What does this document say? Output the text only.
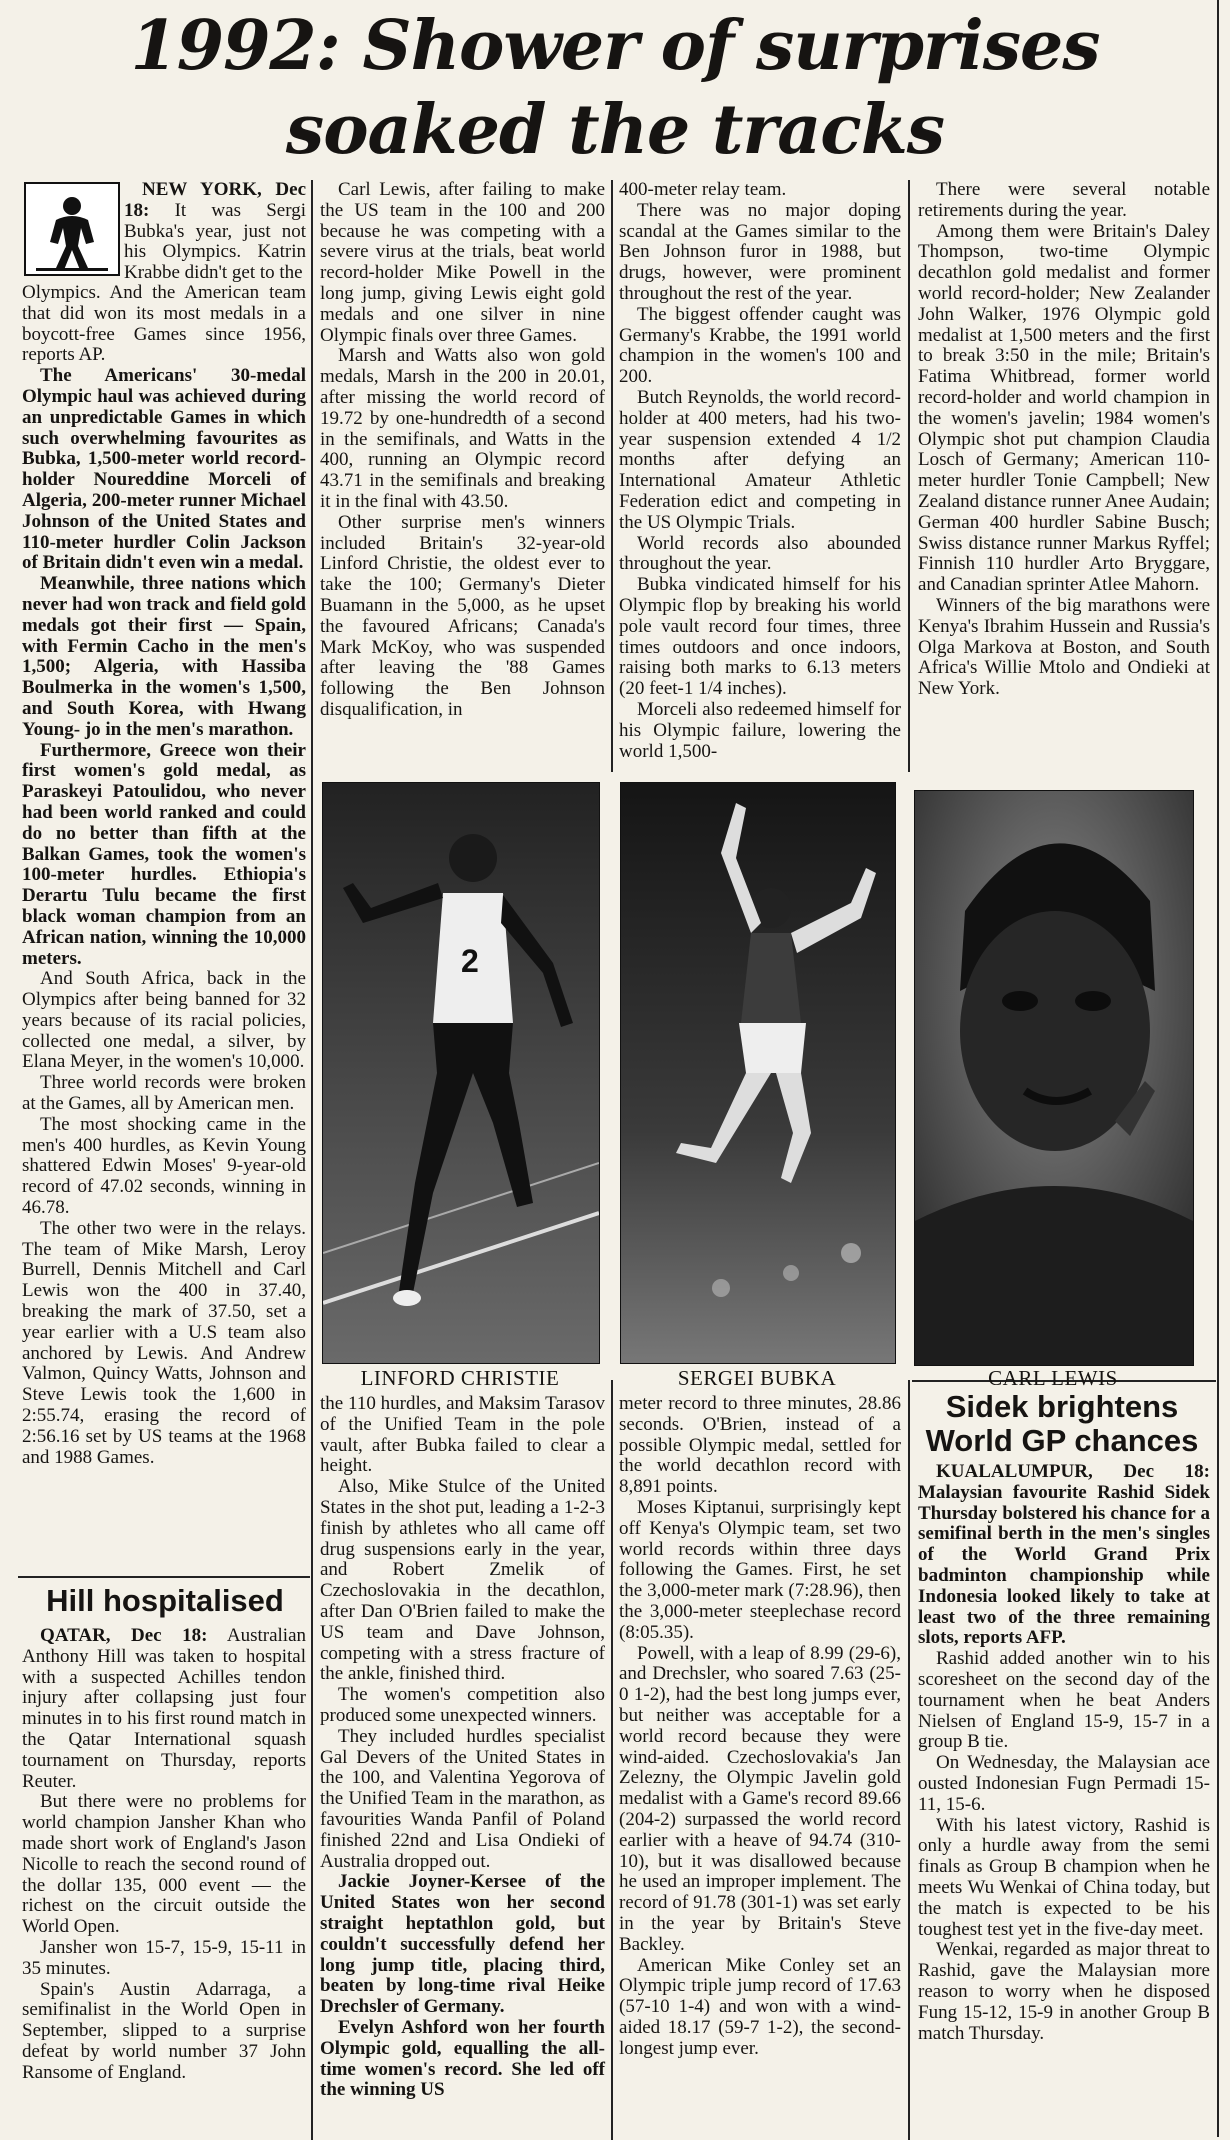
1992: Shower of surprises
soaked the tracks

NEW YORK, Dec 18: It was Sergi Bubka's year, just not his Olympics. Katrin Krabbe didn't get to the

Olympics. And the American team that did won its most medals in a boycott-free Games since 1956, reports AP.

The Americans' 30-medal Olympic haul was achieved during an unpredictable Games in which such overwhelming favourites as Bubka, 1,500-meter world record-holder Noureddine Morceli of Algeria, 200-meter runner Michael Johnson of the United States and 110-meter hurdler Colin Jackson of Britain didn't even win a medal.

Meanwhile, three nations which never had won track and field gold medals got their first — Spain, with Fermin Cacho in the men's 1,500; Algeria, with Hassiba Boulmerka in the women's 1,500, and South Korea, with Hwang Young- jo in the men's marathon.

Furthermore, Greece won their first women's gold medal, as Paraskeyi Patoulidou, who never had been world ranked and could do no better than fifth at the Balkan Games, took the women's 100-meter hurdles. Ethiopia's Derartu Tulu became the first black woman champion from an African nation, winning the 10,000 meters.

And South Africa, back in the Olympics after being banned for 32 years because of its racial policies, collected one medal, a silver, by Elana Meyer, in the women's 10,000.

Three world records were broken at the Games, all by American men.

The most shocking came in the men's 400 hurdles, as Kevin Young shattered Edwin Moses' 9-year-old record of 47.02 seconds, winning in 46.78.

The other two were in the relays. The team of Mike Marsh, Leroy Burrell, Dennis Mitchell and Carl Lewis won the 400 in 37.40, breaking the mark of 37.50, set a year earlier with a U.S team also anchored by Lewis. And Andrew Valmon, Quincy Watts, Johnson and Steve Lewis took the 1,600 in 2:55.74, erasing the record of 2:56.16 set by US teams at the 1968 and 1988 Games.

Carl Lewis, after failing to make the US team in the 100 and 200 because he was competing with a severe virus at the trials, beat world record-holder Mike Powell in the long jump, giving Lewis eight gold medals and one silver in nine Olympic finals over three Games.

Marsh and Watts also won gold medals, Marsh in the 200 in 20.01, after missing the world record of 19.72 by one-hundredth of a second in the semifinals, and Watts in the 400, running an Olympic record 43.71 in the semifinals and breaking it in the final with 43.50.

Other surprise men's winners included Britain's 32-year-old Linford Christie, the oldest ever to take the 100; Germany's Dieter Buamann in the 5,000, as he upset the favoured Africans; Canada's Mark McKoy, who was suspended after leaving the '88 Games following the Ben Johnson disqualification, in

400-meter relay team.

There was no major doping scandal at the Games similar to the Ben Johnson furor in 1988, but drugs, however, were prominent throughout the rest of the year.

The biggest offender caught was Germany's Krabbe, the 1991 world champion in the women's 100 and 200.

Butch Reynolds, the world record-holder at 400 meters, had his two-year suspension extended 4 1/2 months after defying an International Amateur Athletic Federation edict and competing in the US Olympic Trials.

World records also abounded throughout the year.

Bubka vindicated himself for his Olympic flop by breaking his world pole vault record four times, three times outdoors and once indoors, raising both marks to 6.13 meters (20 feet-1 1/4 inches).

Morceli also redeemed himself for his Olympic failure, lowering the world 1,500-

There were several notable retirements during the year.

Among them were Britain's Daley Thompson, two-time Olympic decathlon gold medalist and former world record-holder; New Zealander John Walker, 1976 Olympic gold medalist at 1,500 meters and the first to break 3:50 in the mile; Britain's Fatima Whitbread, former world record-holder and world champion in the women's javelin; 1984 women's Olympic shot put champion Claudia Losch of Germany; American 110-meter hurdler Tonie Campbell; New Zealand distance runner Anee Audain; German 400 hurdler Sabine Busch; Swiss distance runner Markus Ryffel; Finnish 110 hurdler Arto Bryggare, and Canadian sprinter Atlee Mahorn.

Winners of the big marathons were Kenya's Ibrahim Hussein and Russia's Olga Markova at Boston, and South Africa's Willie Mtolo and Ondieki at New York.

2
LINFORD CHRISTIE	SERGEI BUBKA	CARL LEWIS
Hill hospitalised

QATAR, Dec 18: Australian Anthony Hill was taken to hospital with a suspected Achilles tendon injury after collapsing just four minutes in to his first round match in the Qatar International squash tournament on Thursday, reports Reuter.

But there were no problems for world champion Jansher Khan who made short work of England's Jason Nicolle to reach the second round of the dollar 135, 000 event — the richest on the circuit outside the World Open.

Jansher won 15-7, 15-9, 15-11 in 35 minutes.

Spain's Austin Adarraga, a semifinalist in the World Open in September, slipped to a surprise defeat by world number 37 John Ransome of England.

the 110 hurdles, and Maksim Tarasov of the Unified Team in the pole vault, after Bubka failed to clear a height.

Also, Mike Stulce of the United States in the shot put, leading a 1-2-3 finish by athletes who all came off drug suspensions early in the year, and Robert Zmelik of Czechoslovakia in the decathlon, after Dan O'Brien failed to make the US team and Dave Johnson, competing with a stress fracture of the ankle, finished third.

The women's competition also produced some unexpected winners.

They included hurdles specialist Gal Devers of the United States in the 100, and Valentina Yegorova of the Unified Team in the marathon, as favourities Wanda Panfil of Poland finished 22nd and Lisa Ondieki of Australia dropped out.

Jackie Joyner-Kersee of the United States won her second straight heptathlon gold, but couldn't successfully defend her long jump title, placing third, beaten by long-time rival Heike Drechsler of Germany.

Evelyn Ashford won her fourth Olympic gold, equalling the all-time women's record. She led off the winning US

meter record to three minutes, 28.86 seconds. O'Brien, instead of a possible Olympic medal, settled for the world decathlon record with 8,891 points.

Moses Kiptanui, surprisingly kept off Kenya's Olympic team, set two world records within three days following the Games. First, he set the 3,000-meter mark (7:28.96), then the 3,000-meter steeplechase record (8:05.35).

Powell, with a leap of 8.99 (29-6), and Drechsler, who soared 7.63 (25-0 1-2), had the best long jumps ever, but neither was acceptable for a world record because they were wind-aided. Czechoslovakia's Jan Zelezny, the Olympic Javelin gold medalist with a Game's record 89.66 (204-2) surpassed the world record earlier with a heave of 94.74 (310-10), but it was disallowed because he used an improper implement. The record of 91.78 (301-1) was set early in the year by Britain's Steve Backley.

American Mike Conley set an Olympic triple jump record of 17.63 (57-10 1-4) and won with a wind-aided 18.17 (59-7 1-2), the second-longest jump ever.

Sidek brightens
World GP chances

KUALALUMPUR, Dec 18: Malaysian favourite Rashid Sidek Thursday bolstered his chance for a semifinal berth in the men's singles of the World Grand Prix badminton championship while Indonesia looked likely to take at least two of the three remaining slots, reports AFP.

Rashid added another win to his scoresheet on the second day of the tournament when he beat Anders Nielsen of England 15-9, 15-7 in a group B tie.

On Wednesday, the Malaysian ace ousted Indonesian Fugn Permadi 15-11, 15-6.

With his latest victory, Rashid is only a hurdle away from the semi finals as Group B champion when he meets Wu Wenkai of China today, but the match is expected to be his toughest test yet in the five-day meet.

Wenkai, regarded as major threat to Rashid, gave the Malaysian more reason to worry when he disposed Fung 15-12, 15-9 in another Group B match Thursday.
